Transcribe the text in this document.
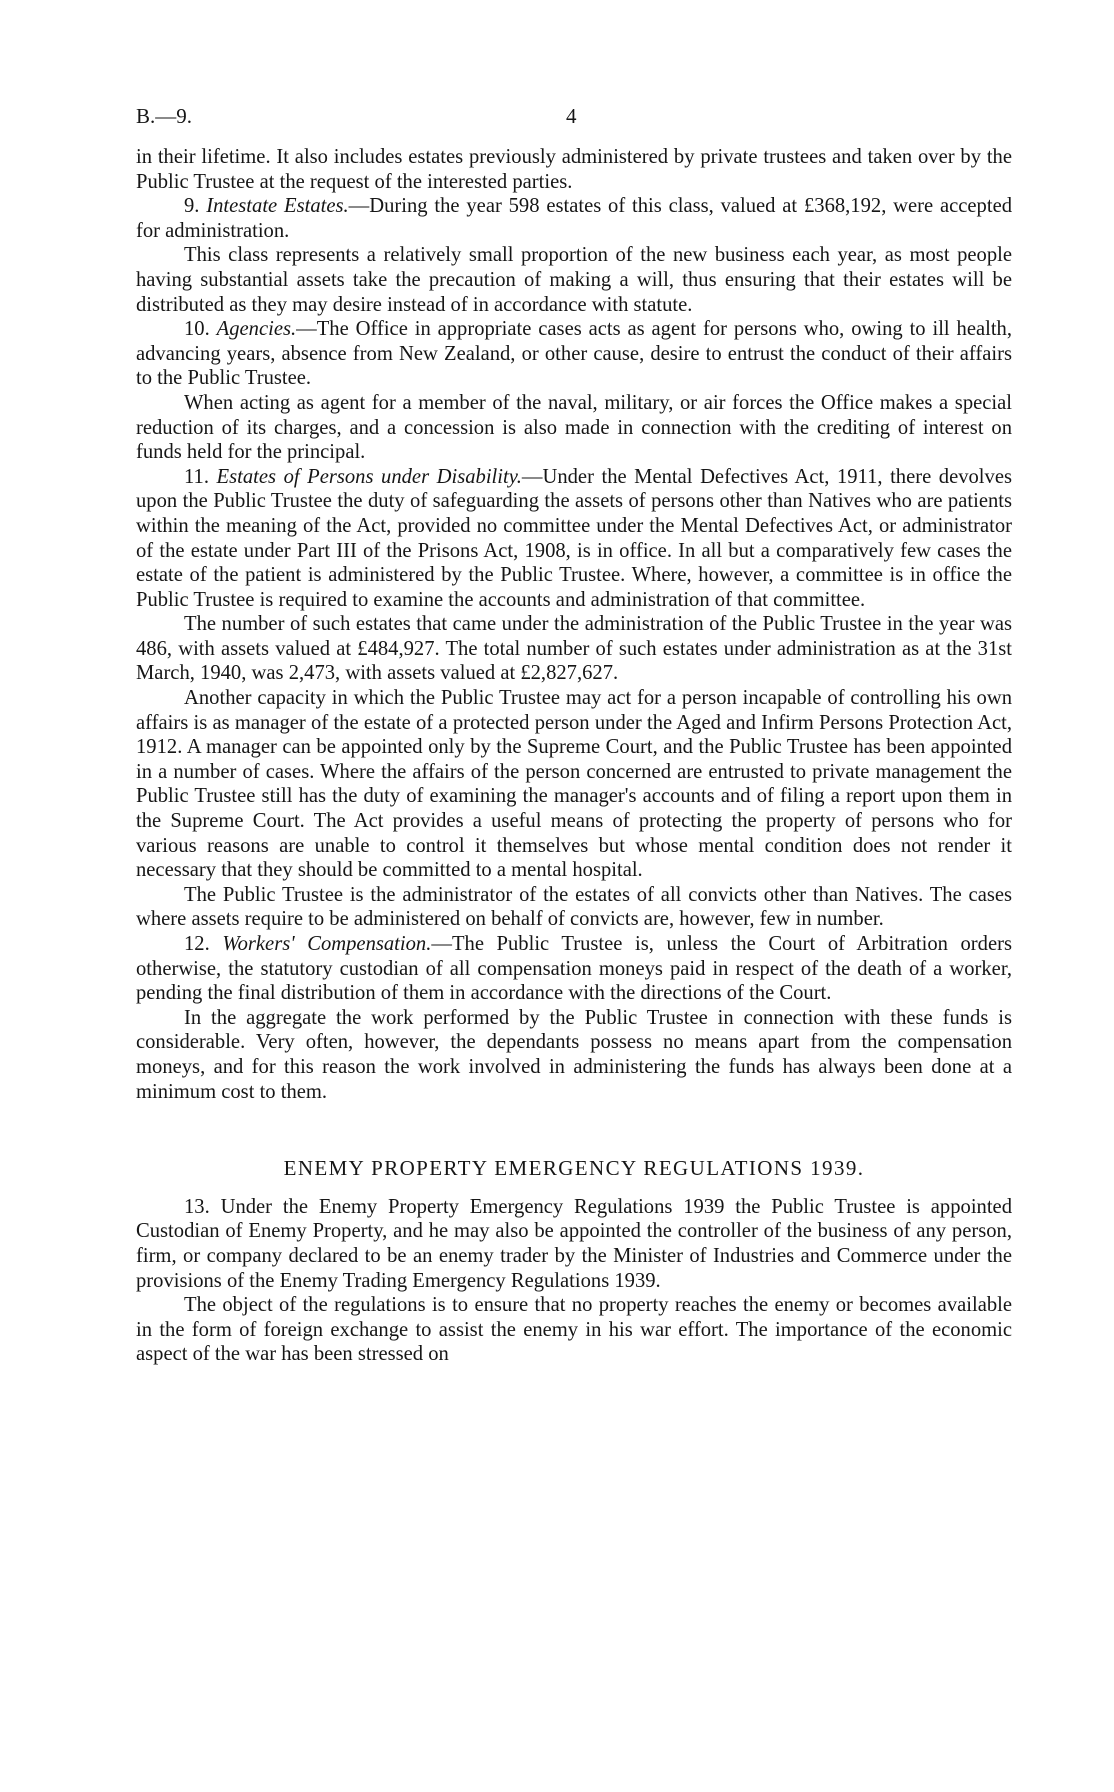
B.—9.	4

in their lifetime. It also includes estates previously administered by private trustees and taken over by the Public Trustee at the request of the interested parties.

9. Intestate Estates.—During the year 598 estates of this class, valued at £368,192, were accepted for administration.

This class represents a relatively small proportion of the new business each year, as most people having substantial assets take the precaution of making a will, thus ensuring that their estates will be distributed as they may desire instead of in accordance with statute.

10. Agencies.—The Office in appropriate cases acts as agent for persons who, owing to ill health, advancing years, absence from New Zealand, or other cause, desire to entrust the conduct of their affairs to the Public Trustee.

When acting as agent for a member of the naval, military, or air forces the Office makes a special reduction of its charges, and a concession is also made in connection with the crediting of interest on funds held for the principal.

11. Estates of Persons under Disability.—Under the Mental Defectives Act, 1911, there devolves upon the Public Trustee the duty of safeguarding the assets of persons other than Natives who are patients within the meaning of the Act, provided no committee under the Mental Defectives Act, or administrator of the estate under Part III of the Prisons Act, 1908, is in office. In all but a comparatively few cases the estate of the patient is administered by the Public Trustee. Where, however, a committee is in office the Public Trustee is required to examine the accounts and administration of that committee.

The number of such estates that came under the administration of the Public Trustee in the year was 486, with assets valued at £484,927. The total number of such estates under administration as at the 31st March, 1940, was 2,473, with assets valued at £2,827,627.

Another capacity in which the Public Trustee may act for a person incapable of controlling his own affairs is as manager of the estate of a protected person under the Aged and Infirm Persons Protection Act, 1912. A manager can be appointed only by the Supreme Court, and the Public Trustee has been appointed in a number of cases. Where the affairs of the person concerned are entrusted to private management the Public Trustee still has the duty of examining the manager's accounts and of filing a report upon them in the Supreme Court. The Act provides a useful means of protecting the property of persons who for various reasons are unable to control it themselves but whose mental condition does not render it necessary that they should be committed to a mental hospital.

The Public Trustee is the administrator of the estates of all convicts other than Natives. The cases where assets require to be administered on behalf of convicts are, however, few in number.

12. Workers' Compensation.—The Public Trustee is, unless the Court of Arbitration orders otherwise, the statutory custodian of all compensation moneys paid in respect of the death of a worker, pending the final distribution of them in accordance with the directions of the Court.

In the aggregate the work performed by the Public Trustee in connection with these funds is considerable. Very often, however, the dependants possess no means apart from the compensation moneys, and for this reason the work involved in administering the funds has always been done at a minimum cost to them.

ENEMY PROPERTY EMERGENCY REGULATIONS 1939.

13. Under the Enemy Property Emergency Regulations 1939 the Public Trustee is appointed Custodian of Enemy Property, and he may also be appointed the controller of the business of any person, firm, or company declared to be an enemy trader by the Minister of Industries and Commerce under the provisions of the Enemy Trading Emergency Regulations 1939.

The object of the regulations is to ensure that no property reaches the enemy or becomes available in the form of foreign exchange to assist the enemy in his war effort. The importance of the economic aspect of the war has been stressed on
